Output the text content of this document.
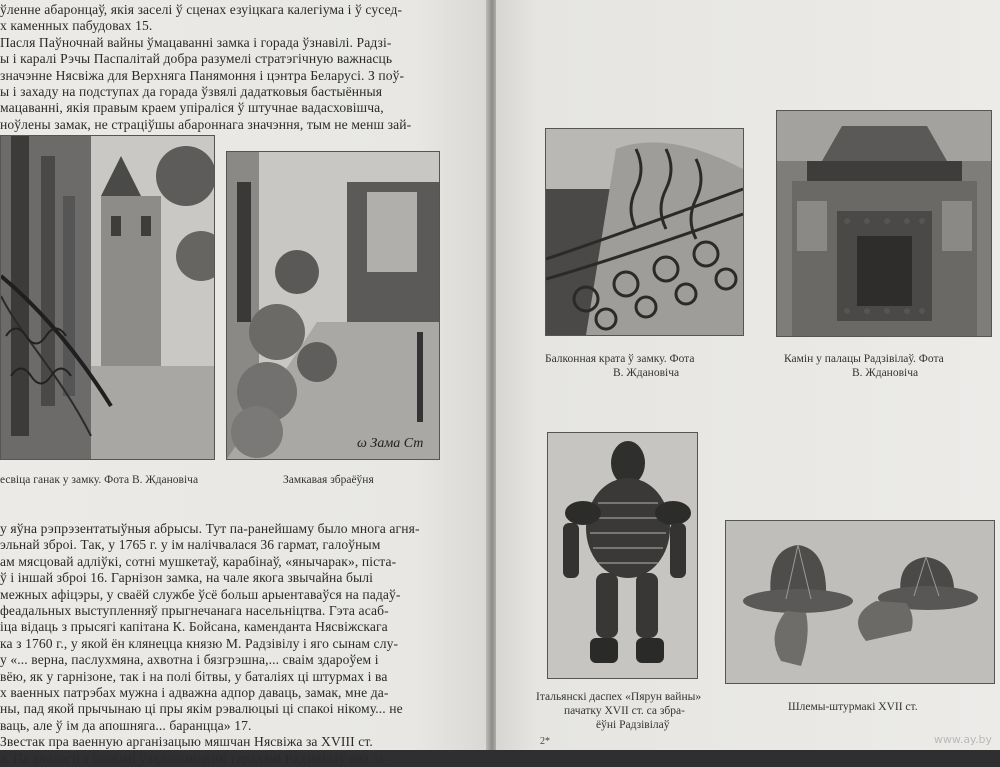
ўленне абаронцаў, якія заселі ў сценах езуіцкага калегіума і ў сусед-

х каменных пабудовах 15.

Пасля Паўночнай вайны ўмацаванні замка і горада ўзнавілі. Радзі-

ы і каралі Рэчы Паспалітай добра разумелі стратэгічную важнасць

значэнне Нясвіжа для Верхняга Панямоння і цэнтра Беларусі. З поў-

ы і захаду на подступах да горада ўзвялі дадатковыя бастыённыя

мацаванні, якія правым краем упіраліся ў штучнае вадасховішча,

ноўлены замак, не страціўшы абароннага значэння, тым не менш зай-

ω Зама Ст
есвіца ганак у замку. Фота В. Ждановіча	Замкавая збраёўня

у яўна рэпрэзентатыўныя абрысы. Тут па-ранейшаму было многа агня-

эльнай зброі. Так, у 1765 г. у ім налічвалася 36 гармат, галоўным

ам мясцовай адліўкі, сотні мушкетаў, карабінаў, «янычарак», пiста-

ў і іншай зброі 16. Гарнізон замка, на чале якога звычайна былі

межных афіцэры, у сваёй службе ўсё больш арыентаваўся на падаў-

феадальных выступленняў прыгнечанага насельніцтва. Гэта асаб-

іца відаць з прысягі капітана К. Бойсана, каменданта Нясвіжскага

ка з 1760 г., у якой ён клянецца князю М. Радзівілу і яго сынам слу-

у «... верна, паслухмяна, ахвотна і бязгрэшна,... сваім здароўем і

вёю, як у гарнізоне, так і на полі бітвы, у баталіях ці штурмах і ва

х ваенных патрэбах мужна і адважна адпор даваць, замак, мне да-

ны, пад якой прычынаю ці пры якім рэвалюцыі ці спакоі нікому... не

ваць, але ў ім да апошняга... баранцца» 17.

Звестак пра ваенную арганізацыю мяшчан Нясвіжа за XVIII ст.

а. Па аналогіі з іншымі ўладальніцкімі гарадамі Радзівілаў яна за-

Балконная крата ў замку. Фота
В. Ждановіча
Камін у палацы Радзівілаў. Фота
В. Ждановіча
Італьянскі даспех «Пярун вайны»
пачатку XVII ст. са збра-
ёўні Радзівілаў
Шлемы-штурмакі XVII ст.
2*	www.ay.by
